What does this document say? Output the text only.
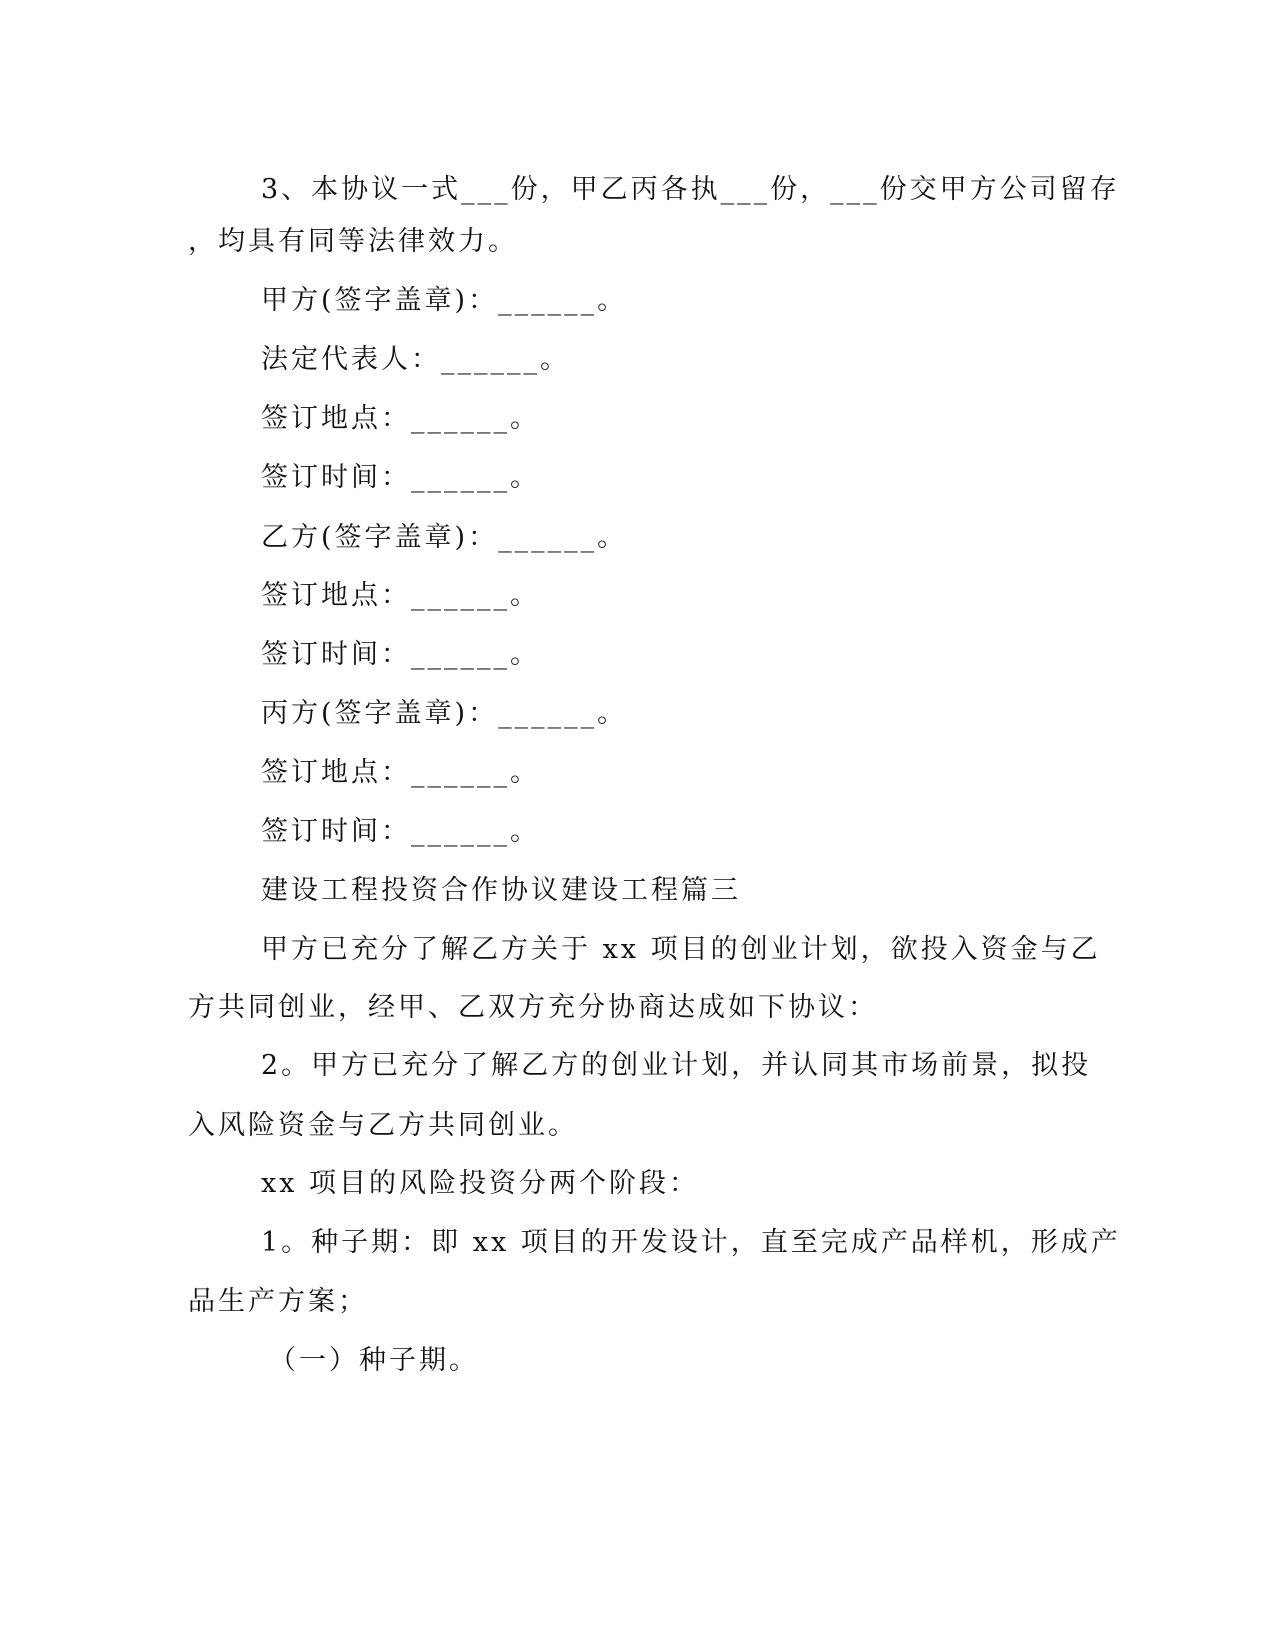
3、本协议一式___份，甲乙丙各执___份，___份交甲方公司留存
，均具有同等法律效力。
甲方(签字盖章)：______。
法定代表人：______。
签订地点：______。
签订时间：______。
乙方(签字盖章)：______。
签订地点：______。
签订时间：______。
丙方(签字盖章)：______。
签订地点：______。
签订时间：______。
建设工程投资合作协议建设工程篇三
甲方已充分了解乙方关于 xx 项目的创业计划，欲投入资金与乙
方共同创业，经甲、乙双方充分协商达成如下协议：
2。甲方已充分了解乙方的创业计划，并认同其市场前景，拟投
入风险资金与乙方共同创业。
xx 项目的风险投资分两个阶段：
1。种子期：即 xx 项目的开发设计，直至完成产品样机，形成产
品生产方案；
（一）种子期。
